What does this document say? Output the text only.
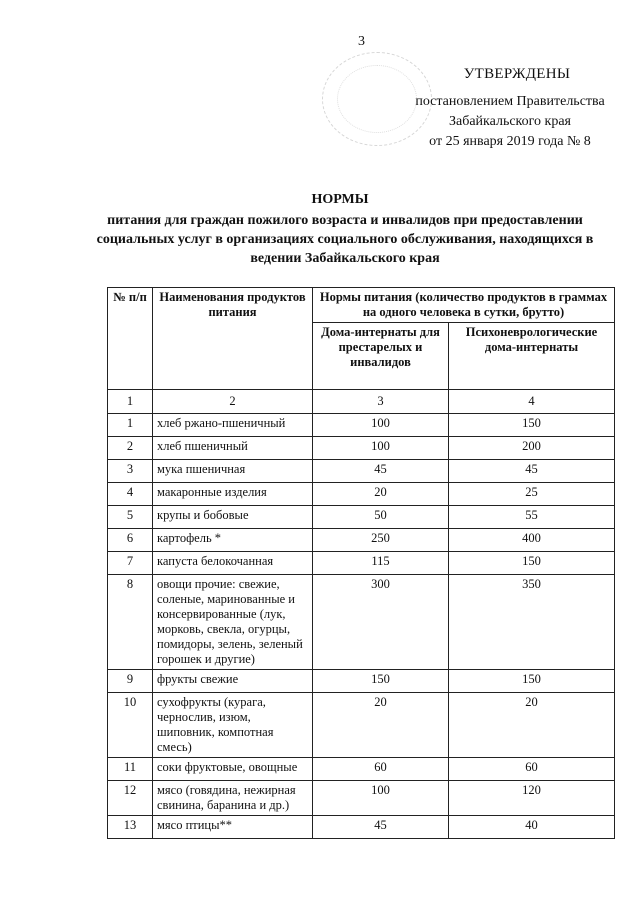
3
УТВЕРЖДЕНЫ
постановлением Правительства
Забайкальского края
от 25 января 2019 года № 8
НОРМЫ
питания для граждан пожилого возраста и инвалидов при предоставлении социальных услуг в организациях социального обслуживания, находящихся в ведении Забайкальского края
№ п/п	Наименования продуктов питания	Нормы питания (количество продуктов в граммах на одного человека в сутки, брутто)	
		Дома-интернаты для престарелых и инвалидов	Психоневрологические дома-интернаты
1	2	3	4
1	хлеб ржано-пшеничный	100	150
2	хлеб пшеничный	100	200
3	мука пшеничная	45	45
4	макаронные изделия	20	25
5	крупы и бобовые	50	55
6	картофель *	250	400
7	капуста белокочанная	115	150
8	овощи прочие: свежие, соленые, маринованные и консервированные (лук, морковь, свекла, огурцы, помидоры, зелень, зеленый горошек и другие)	300	350
9	фрукты свежие	150	150
10	сухофрукты (курага, чернослив, изюм, шиповник, компотная смесь)	20	20
11	соки фруктовые, овощные	60	60
12	мясо (говядина, нежирная свинина, баранина и др.)	100	120
13	мясо птицы**	45	40
